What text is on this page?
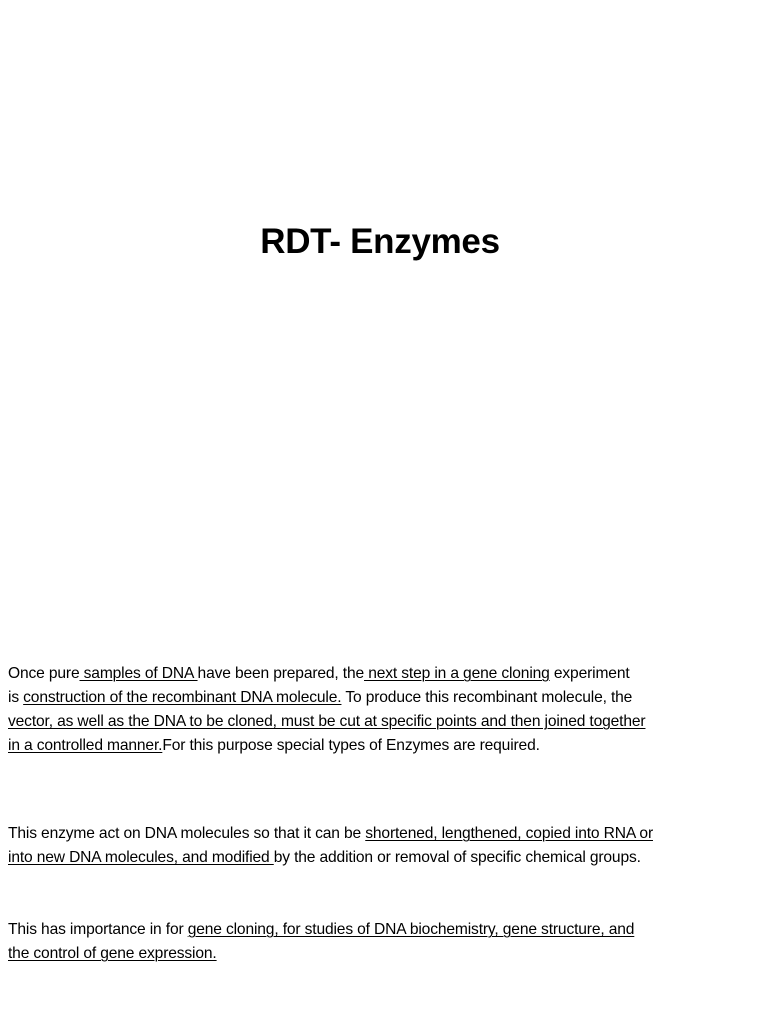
RDT- Enzymes

Once pure samples of DNA have been prepared, the next step in a gene cloning experiment
is construction of the recombinant DNA molecule. To produce this recombinant molecule, the
vector, as well as the DNA to be cloned, must be cut at specific points and then joined together
in a controlled manner.For this purpose special types of Enzymes are required.

This enzyme act on DNA molecules so that it can be shortened, lengthened, copied into RNA or
into new DNA molecules, and modified by the addition or removal of specific chemical groups.

This has importance in for gene cloning, for studies of DNA biochemistry, gene structure, and
the control of gene expression.
